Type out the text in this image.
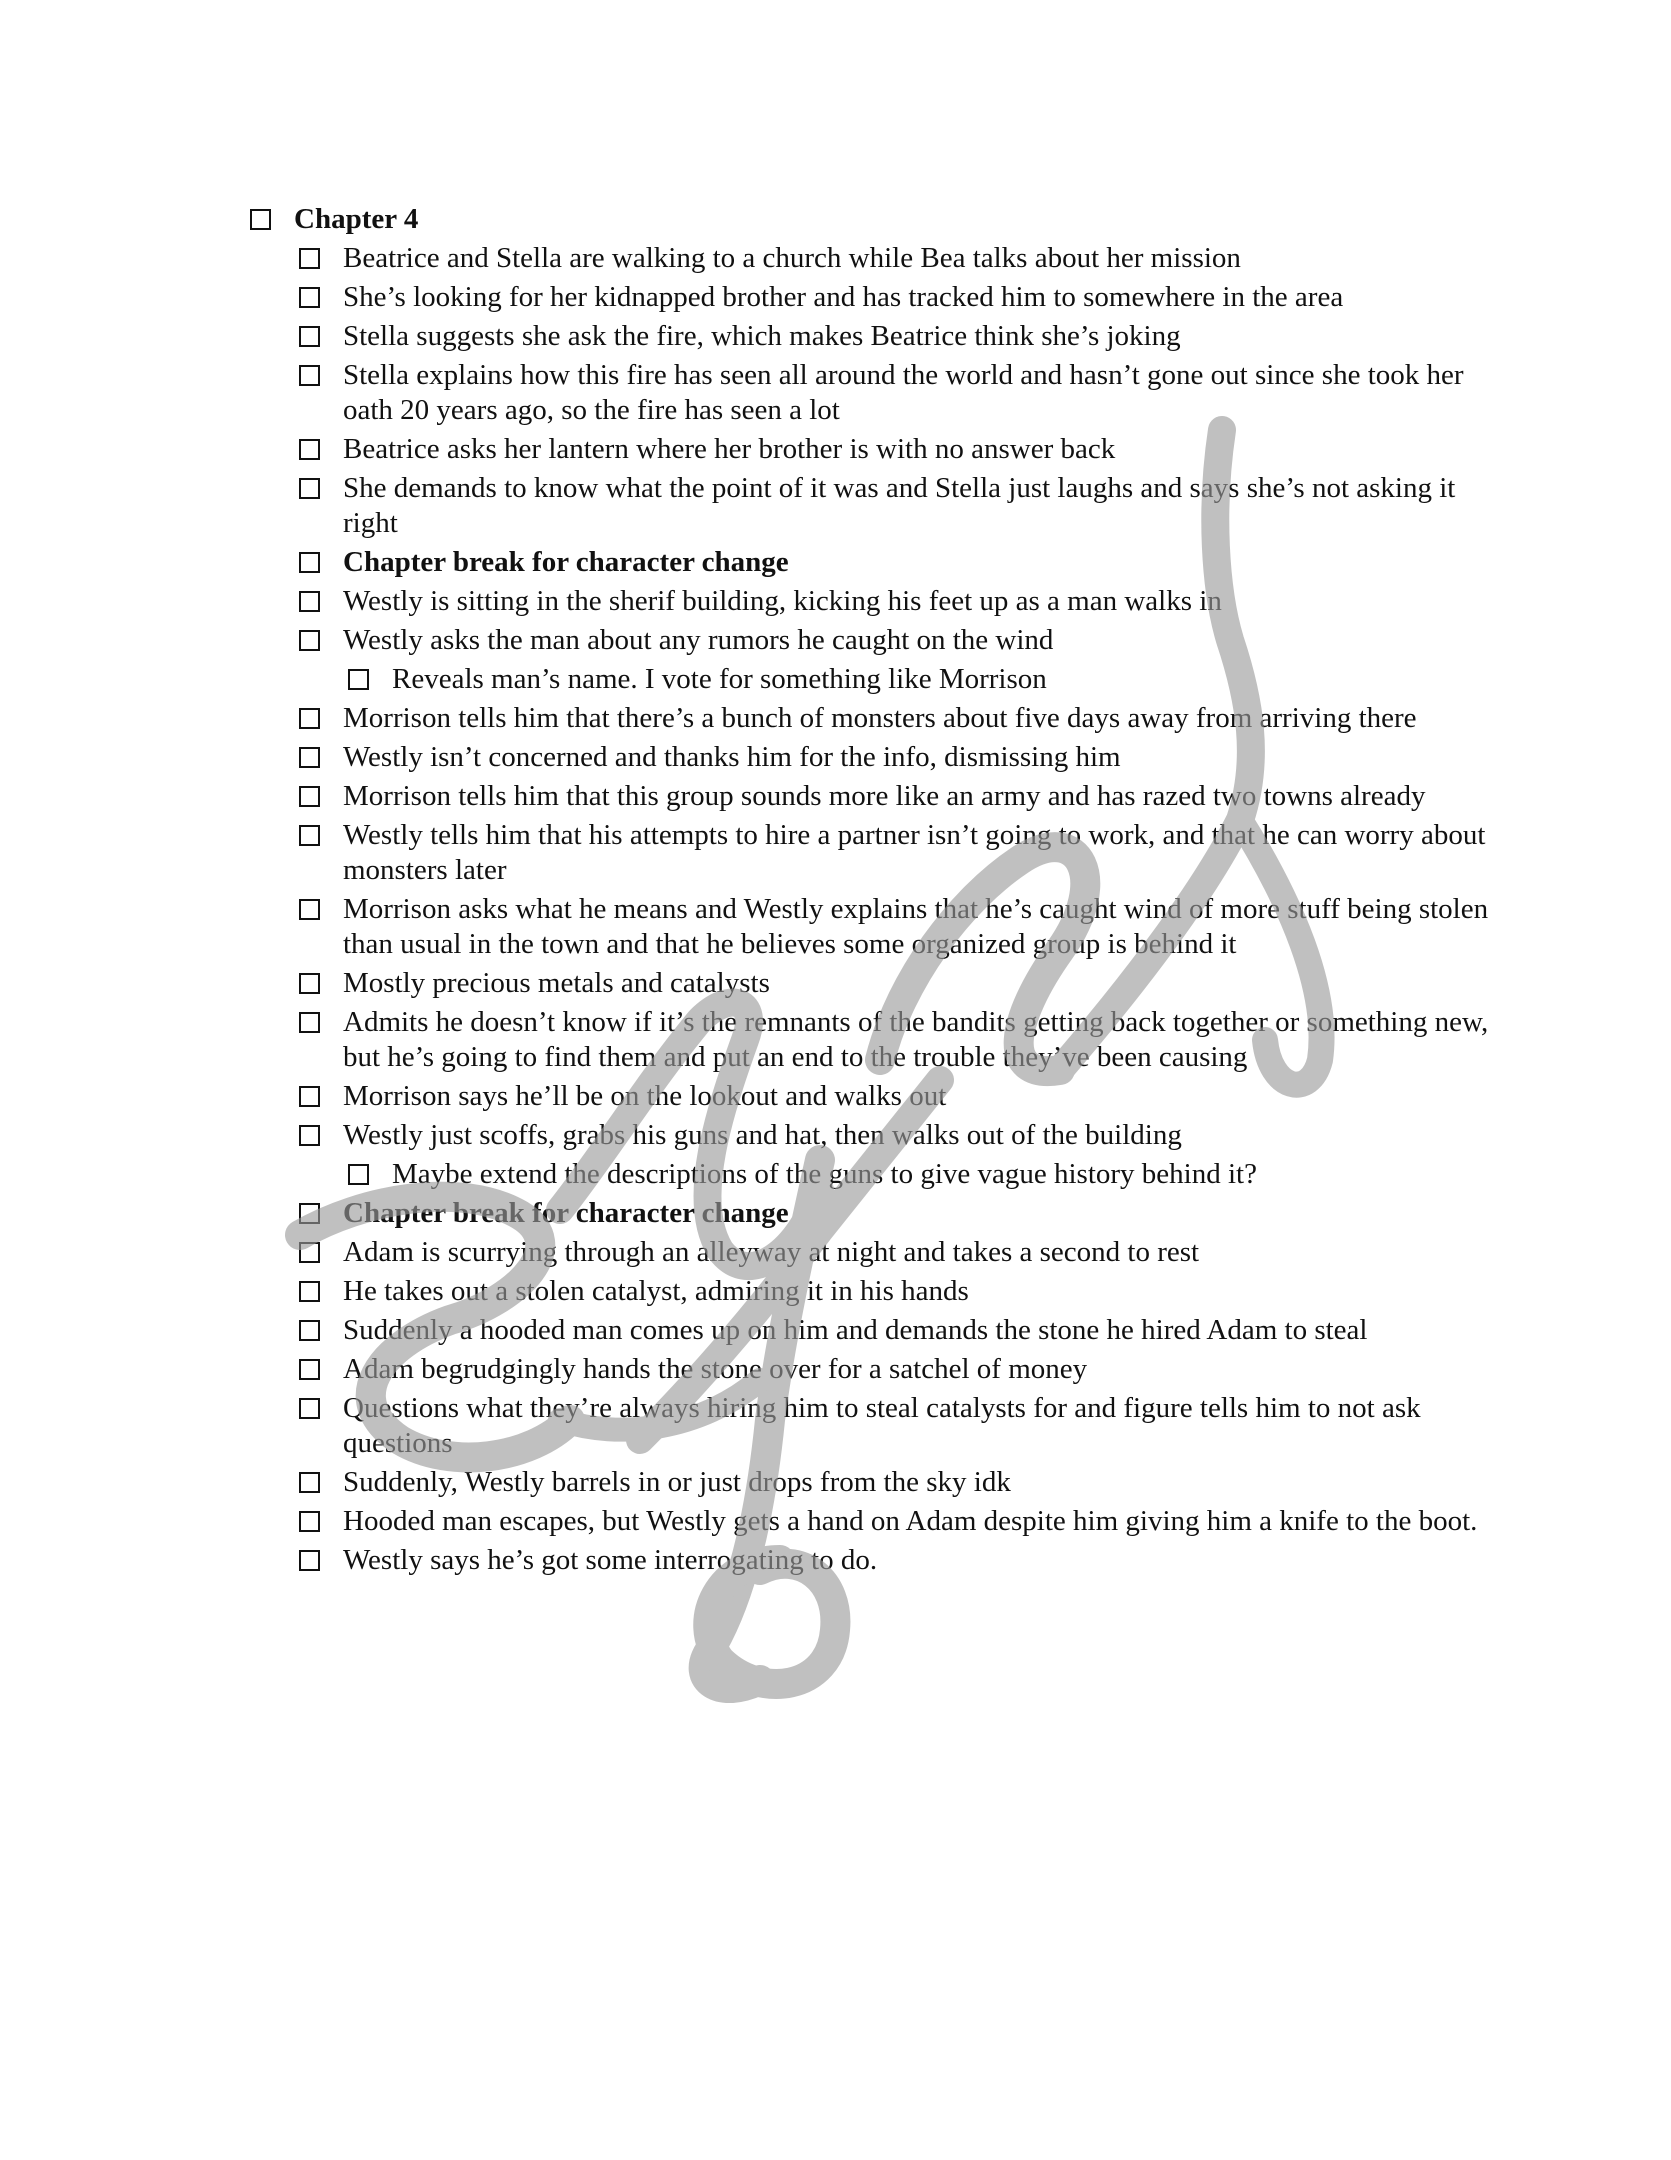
Chapter 4
Beatrice and Stella are walking to a church while Bea talks about her mission
She’s looking for her kidnapped brother and has tracked him to somewhere in the area
Stella suggests she ask the fire, which makes Beatrice think she’s joking
Stella explains how this fire has seen all around the world and hasn’t gone out since she took her oath 20 years ago, so the fire has seen a lot
Beatrice asks her lantern where her brother is with no answer back
She demands to know what the point of it was and Stella just laughs and says she’s not asking it right
Chapter break for character change
Westly is sitting in the sherif building, kicking his feet up as a man walks in
Westly asks the man about any rumors he caught on the wind
Reveals man’s name. I vote for something like Morrison
Morrison tells him that there’s a bunch of monsters about five days away from arriving there
Westly isn’t concerned and thanks him for the info, dismissing him
Morrison tells him that this group sounds more like an army and has razed two towns already
Westly tells him that his attempts to hire a partner isn’t going to work, and that he can worry about monsters later
Morrison asks what he means and Westly explains that he’s caught wind of more stuff being stolen than usual in the town and that he believes some organized group is behind it
Mostly precious metals and catalysts
Admits he doesn’t know if it’s the remnants of the bandits getting back together or something new, but he’s going to find them and put an end to the trouble they’ve been causing
Morrison says he’ll be on the lookout and walks out
Westly just scoffs, grabs his guns and hat, then walks out of the building
Maybe extend the descriptions of the guns to give vague history behind it?
Chapter break for character change
Adam is scurrying through an alleyway at night and takes a second to rest
He takes out a stolen catalyst, admiring it in his hands
Suddenly a hooded man comes up on him and demands the stone he hired Adam to steal
Adam begrudgingly hands the stone over for a satchel of money
Questions what they’re always hiring him to steal catalysts for and figure tells him to not ask questions
Suddenly, Westly barrels in or just drops from the sky idk
Hooded man escapes, but Westly gets a hand on Adam despite him giving him a knife to the boot.
Westly says he’s got some interrogating to do.
